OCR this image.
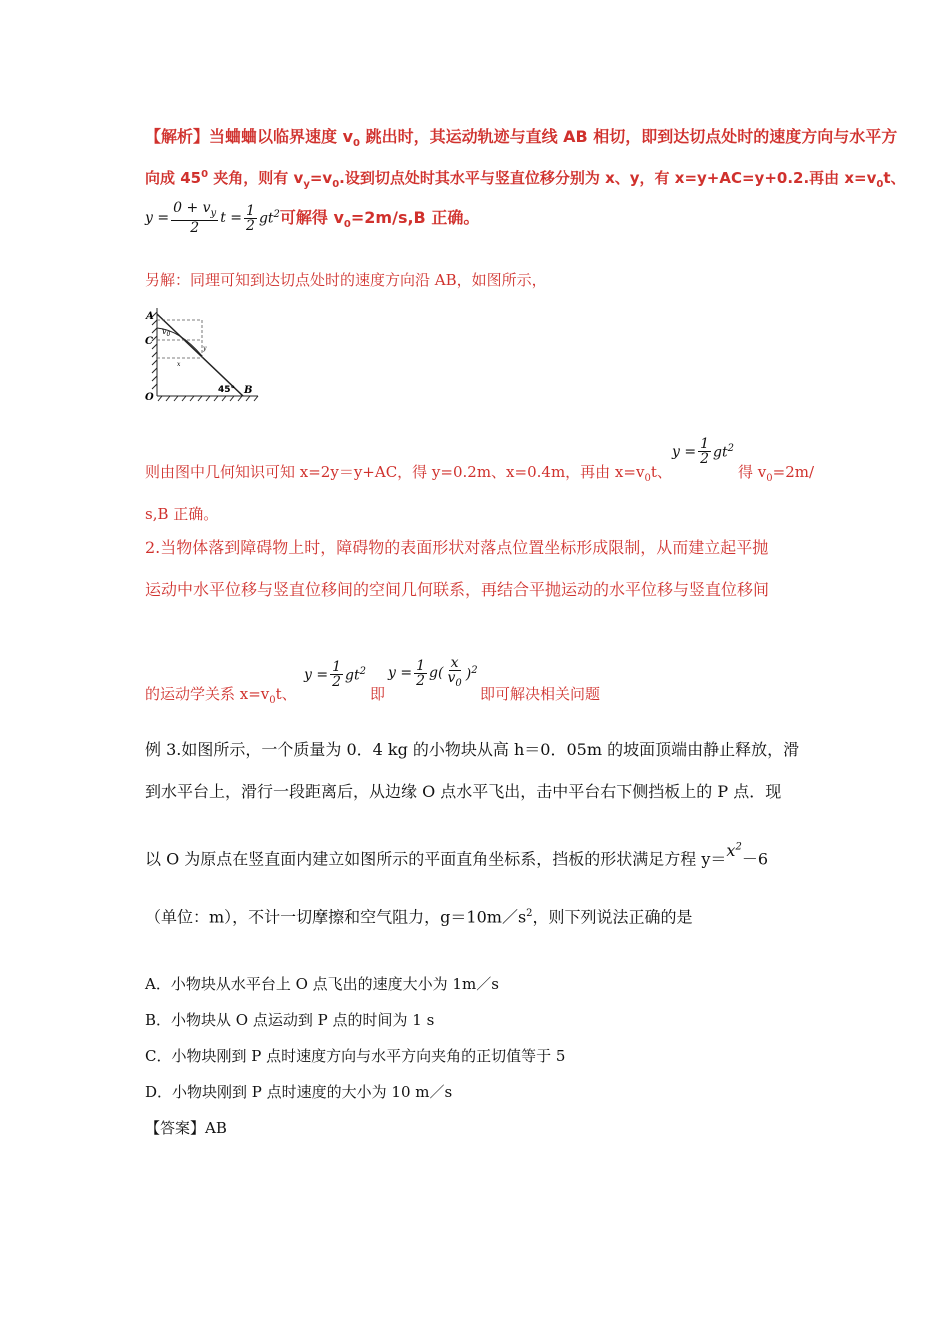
【解析】当蛐蛐以临界速度 $v_0$ 跳出时，其运动轨迹与直线 AB 相切，即到达切点处时的速度方向与水平方
向成 $45^0$ 夹角，则有 $v_y=v_0$.设到切点处时其水平与竖直位移分别为 x、y，有 x=y+AC=y+0.2.再由 $x=v_0t$、
$y = \frac{0 + v_y}{2}$ $t = \frac{1}{2} gt^2$ 可解得 $v_0=2m/s,B$ 正确。
另解：同理可知到达切点处时的速度方向沿 AB，如图所示，
A
C
O
B
$v_0$
y
x
45°
$y = \frac{1}{2} gt^2$
则由图中几何知识可知 x=2y＝y+AC，得 y=0.2m、x=0.4m，再由 $x=v_0t$、	得 $v_0=2m/$
s,B 正确。
2.当物体落到障碍物上时，障碍物的表面形状对落点位置坐标形成限制，从而建立起平抛
运动中水平位移与竖直位移间的空间几何联系，再结合平抛运动的水平位移与竖直位移间
的运动学关系 $x=v_0t$、
$y = \frac{1}{2} gt^2$
即
$y = \frac{1}{2} g( \frac{x}{v_0} )^2$
即可解决相关问题
例 3.如图所示，一个质量为 0．4 kg 的小物块从高 h＝0．05m 的坡面顶端由静止释放，滑
到水平台上，滑行一段距离后，从边缘 O 点水平飞出，击中平台右下侧挡板上的 P 点．现
以 O 为原点在竖直面内建立如图所示的平面直角坐标系，挡板的形状满足方程 $y=x^2-6$
（单位：m），不计一切摩擦和空气阻力，$g=10m/s^2$，则下列说法正确的是
A．小物块从水平台上 O 点飞出的速度大小为 1m／s
B．小物块从 O 点运动到 P 点的时间为 1 s
C．小物块刚到 P 点时速度方向与水平方向夹角的正切值等于 5
D．小物块刚到 P 点时速度的大小为 10 m／s
【答案】AB
